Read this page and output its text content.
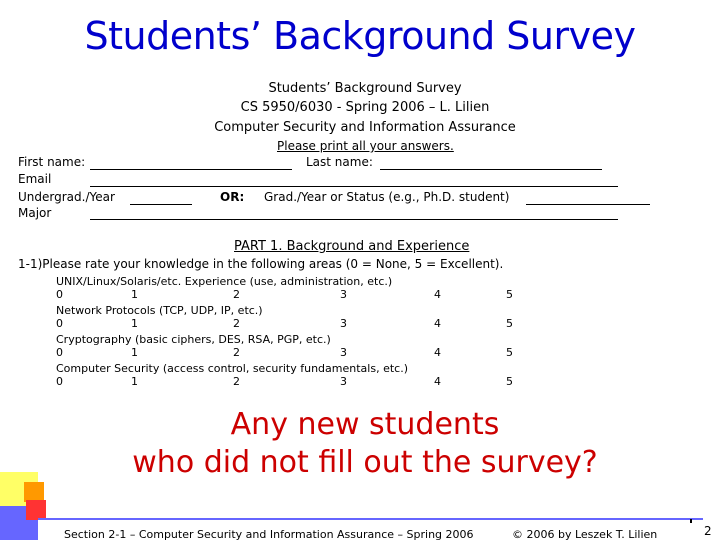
Students’ Background Survey
Students’ Background Survey
CS 5950/6030 - Spring 2006 – L. Lilien
Computer Security and Information Assurance
Please print all your answers.
First name:	Last name:
Email
Undergrad./Year	OR: Grad./Year or Status (e.g., Ph.D. student)
Major
PART 1. Background and Experience
1-1)Please rate your knowledge in the following areas (0 = None, 5 = Excellent).
UNIX/Linux/Solaris/etc. Experience (use, administration, etc.)
0	1	2	3	4	5
Network Protocols (TCP, UDP, IP, etc.)
0	1	2	3	4	5
Cryptography (basic ciphers, DES, RSA, PGP, etc.)
0	1	2	3	4	5
Computer Security (access control, security fundamentals, etc.)
0	1	2	3	4	5
Any new students
who did not fill out the survey?
Section 2-1 – Computer Security and Information Assurance – Spring 2006	© 2006 by Leszek T. Lilien	2
